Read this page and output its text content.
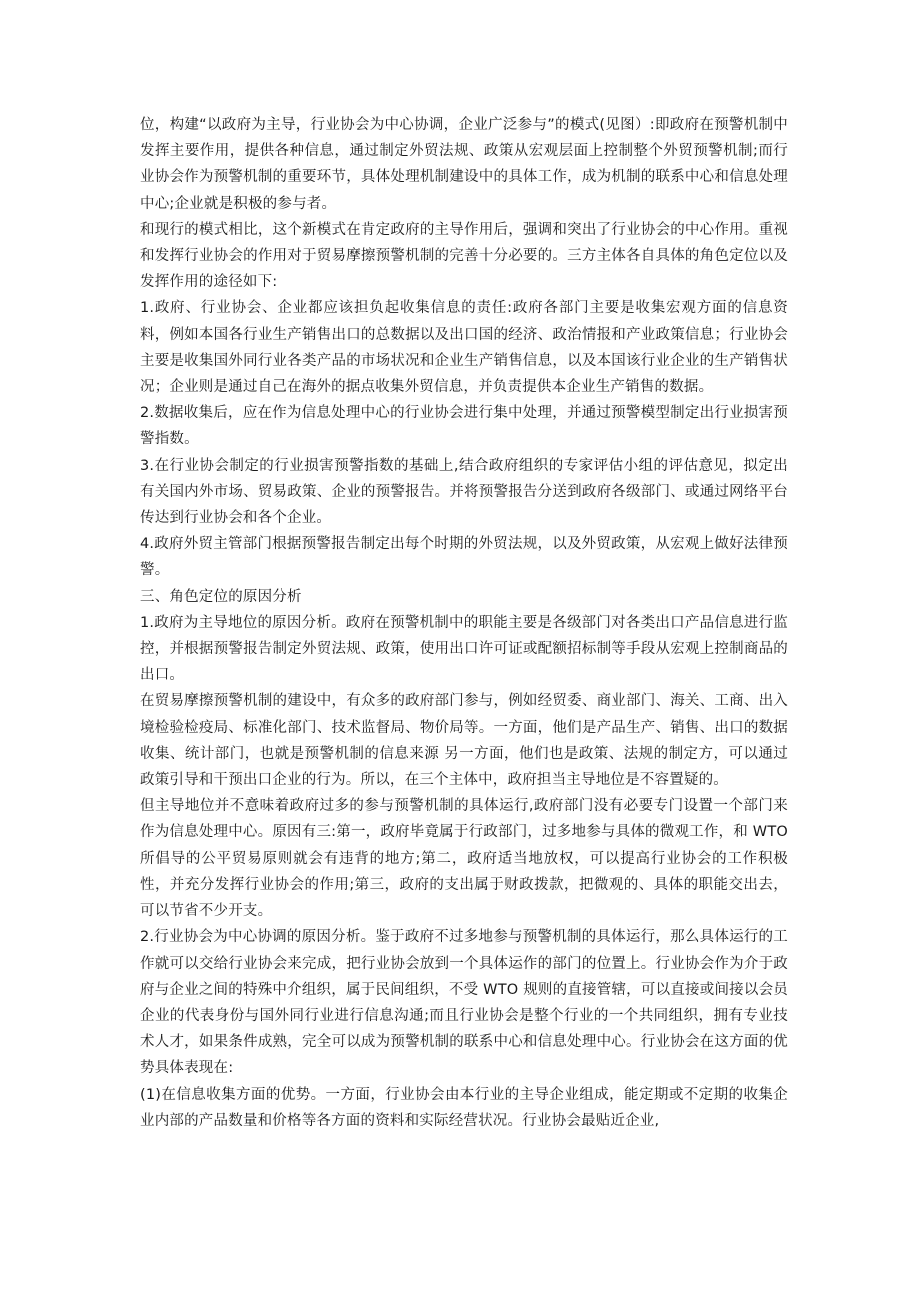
位，构建“以政府为主导，行业协会为中心协调，企业广泛参与”的模式(见图）:即政府在预警机制中发挥主要作用，提供各种信息，通过制定外贸法规、政策从宏观层面上控制整个外贸预警机制;而行业协会作为预警机制的重要环节，具体处理机制建设中的具体工作，成为机制的联系中心和信息处理中心;企业就是积极的参与者。

和现行的模式相比，这个新模式在肯定政府的主导作用后，强调和突出了行业协会的中心作用。重视和发挥行业协会的作用对于贸易摩擦预警机制的完善十分必要的。三方主体各自具体的角色定位以及发挥作用的途径如下:

1.政府、行业协会、企业都应该担负起收集信息的责任:政府各部门主要是收集宏观方面的信息资料，例如本国各行业生产销售出口的总数据以及出口国的经济、政治情报和产业政策信息；行业协会主要是收集国外同行业各类产品的市场状况和企业生产销售信息，以及本国该行业企业的生产销售状况；企业则是通过自己在海外的据点收集外贸信息，并负责提供本企业生产销售的数据。

2.数据收集后，应在作为信息处理中心的行业协会进行集中处理，并通过预警模型制定出行业损害预警指数。

3.在行业协会制定的行业损害预警指数的基础上,结合政府组织的专家评估小组的评估意见，拟定出有关国内外市场、贸易政策、企业的预警报告。并将预警报告分送到政府各级部门、或通过网络平台传达到行业协会和各个企业。

4.政府外贸主管部门根据预警报告制定出每个时期的外贸法规，以及外贸政策，从宏观上做好法律预警。

三、角色定位的原因分析

1.政府为主导地位的原因分析。政府在预警机制中的职能主要是各级部门对各类出口产品信息进行监控，并根据预警报告制定外贸法规、政策，使用出口许可证或配额招标制等手段从宏观上控制商品的出口。

在贸易摩擦预警机制的建设中，有众多的政府部门参与，例如经贸委、商业部门、海关、工商、出入境检验检疫局、标准化部门、技术监督局、物价局等。一方面，他们是产品生产、销售、出口的数据收集、统计部门，也就是预警机制的信息来源 另一方面，他们也是政策、法规的制定方，可以通过政策引导和干预出口企业的行为。所以，在三个主体中，政府担当主导地位是不容置疑的。

但主导地位并不意味着政府过多的参与预警机制的具体运行,政府部门没有必要专门设置一个部门来作为信息处理中心。原因有三:第一，政府毕竟属于行政部门，过多地参与具体的微观工作，和 WTO 所倡导的公平贸易原则就会有违背的地方;第二，政府适当地放权，可以提高行业协会的工作积极性，并充分发挥行业协会的作用;第三，政府的支出属于财政拨款，把微观的、具体的职能交出去，可以节省不少开支。

2.行业协会为中心协调的原因分析。鉴于政府不过多地参与预警机制的具体运行，那么具体运行的工作就可以交给行业协会来完成，把行业协会放到一个具体运作的部门的位置上。行业协会作为介于政府与企业之间的特殊中介组织，属于民间组织，不受 WTO 规则的直接管辖，可以直接或间接以会员企业的代表身份与国外同行业进行信息沟通;而且行业协会是整个行业的一个共同组织，拥有专业技术人才，如果条件成熟，完全可以成为预警机制的联系中心和信息处理中心。行业协会在这方面的优势具体表现在:

(1)在信息收集方面的优势。一方面，行业协会由本行业的主导企业组成，能定期或不定期的收集企业内部的产品数量和价格等各方面的资料和实际经营状况。行业协会最贴近企业,
